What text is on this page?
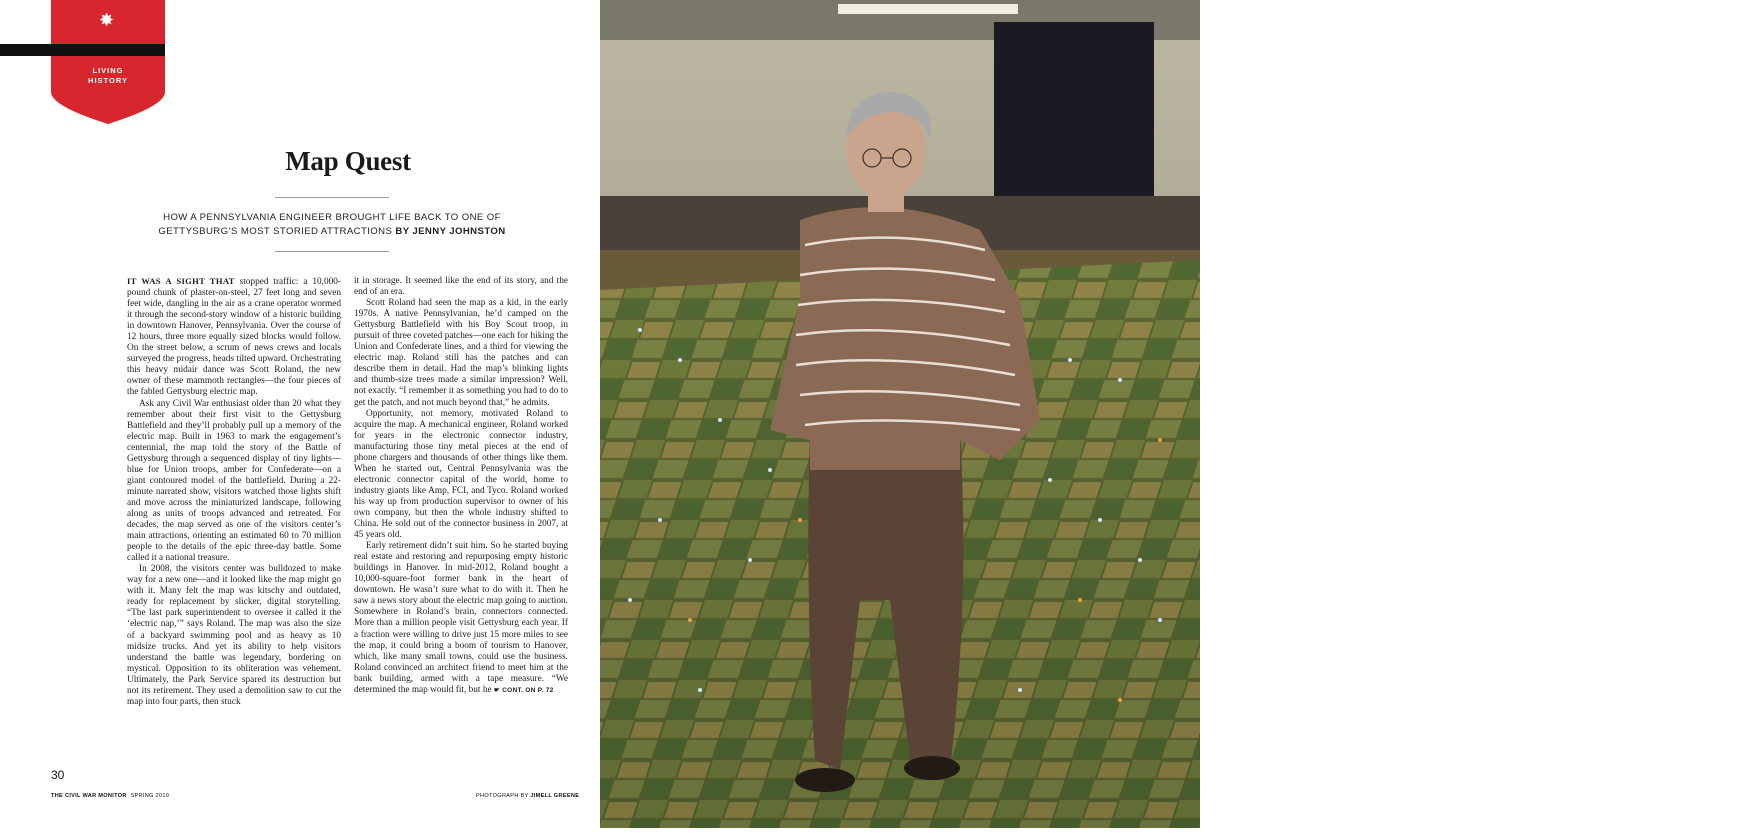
✸
LIVING
HISTORY
Map Quest
HOW A PENNSYLVANIA ENGINEER BROUGHT LIFE BACK TO ONE OF GETTYSBURG’S MOST STORIED ATTRACTIONS BY JENNY JOHNSTON

IT WAS A SIGHT THAT stopped traffic: a 10,000-pound chunk of plaster-on-steel, 27 feet long and seven feet wide, dangling in the air as a crane operator wormed it through the second-story window of a historic building in downtown Hanover, Pennsylvania. Over the course of 12 hours, three more equally sized blocks would follow. On the street below, a scrum of news crews and locals surveyed the progress, heads tilted upward. Orchestrating this heavy midair dance was Scott Roland, the new owner of these mammoth rectangles—the four pieces of the fabled Gettysburg electric map.

Ask any Civil War enthusiast older than 20 what they remember about their first visit to the Gettysburg Battlefield and they’ll probably pull up a memory of the electric map. Built in 1963 to mark the engagement’s centennial, the map told the story of the Battle of Gettysburg through a sequenced display of tiny lights—blue for Union troops, amber for Confederate—on a giant contoured model of the battlefield. During a 22-minute narrated show, visitors watched those lights shift and move across the miniaturized landscape, following along as units of troops advanced and retreated. For decades, the map served as one of the visitors center’s main attractions, orienting an estimated 60 to 70 million people to the details of the epic three-day battle. Some called it a national treasure.

In 2008, the visitors center was bulldozed to make way for a new one—and it looked like the map might go with it. Many felt the map was kitschy and outdated, ready for replacement by slicker, digital storytelling. “The last park superintendent to oversee it called it the ‘electric nap,’” says Roland. The map was also the size of a backyard swimming pool and as heavy as 10 midsize trucks. And yet its ability to help visitors understand the battle was legendary, bordering on mystical. Opposition to its obliteration was vehement. Ultimately, the Park Service spared its destruction but not its retirement. They used a demolition saw to cut the map into four parts, then stuck

it in storage. It seemed like the end of its story, and the end of an era.

Scott Roland had seen the map as a kid, in the early 1970s. A native Pennsylvanian, he’d camped on the Gettysburg Battlefield with his Boy Scout troop, in pursuit of three coveted patches—one each for hiking the Union and Confederate lines, and a third for viewing the electric map. Roland still has the patches and can describe them in detail. Had the map’s blinking lights and thumb-size trees made a similar impression? Well, not exactly. “I remember it as something you had to do to get the patch, and not much beyond that,” he admits.

Opportunity, not memory, motivated Roland to acquire the map. A mechanical engineer, Roland worked for years in the electronic connector industry, manufacturing those tiny metal pieces at the end of phone chargers and thousands of other things like them. When he started out, Central Pennsylvania was the electronic connector capital of the world, home to industry giants like Amp, FCI, and Tyco. Roland worked his way up from production supervisor to owner of his own company, but then the whole industry shifted to China. He sold out of the connector business in 2007, at 45 years old.

Early retirement didn’t suit him. So he started buying real estate and restoring and repurposing empty historic buildings in Hanover. In mid-2012, Roland bought a 10,000-square-foot former bank in the heart of downtown. He wasn’t sure what to do with it. Then he saw a news story about the electric map going to auction. Somewhere in Roland’s brain, connectors connected. More than a million people visit Gettysburg each year. If a fraction were willing to drive just 15 more miles to see the map, it could bring a boom of tourism to Hanover, which, like many small towns, could use the business. Roland convinced an architect friend to meet him at the bank building, armed with a tape measure. “We determined the map would fit, but he ☛ CONT. ON P. 72

30
THE CIVIL WAR MONITOR SPRING 2019	PHOTOGRAPH BY JIMELL GREENE
After overseeing its restoration, Scott Roland stands on a corner of the fabled Gettysburg electric map in its new home in Hanover, Pennsylvania.
